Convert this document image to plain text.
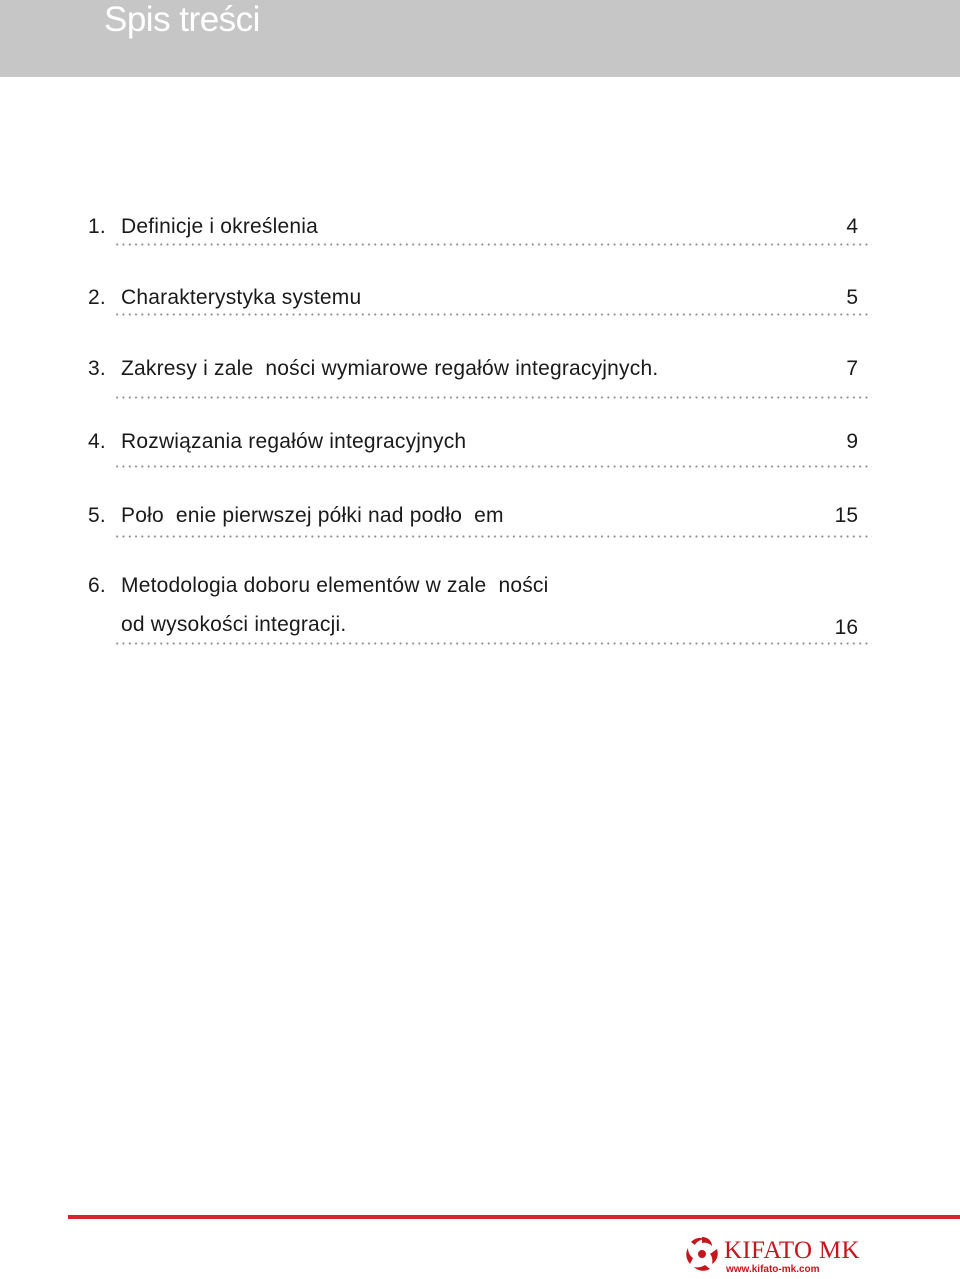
Spis treści
1. Definicje i określenia	4
2. Charakterystyka systemu	5
3. Zakresy i zale  ności wymiarowe regałów integracyjnych.	7
4. Rozwiązania regałów integracyjnych	9
5. Poło  enie pierwszej półki nad podło  em	15
6. Metodologia doboru elementów w zale  ności
od wysokości integracji.	16
KIFATO MK
www.kifato-mk.com
